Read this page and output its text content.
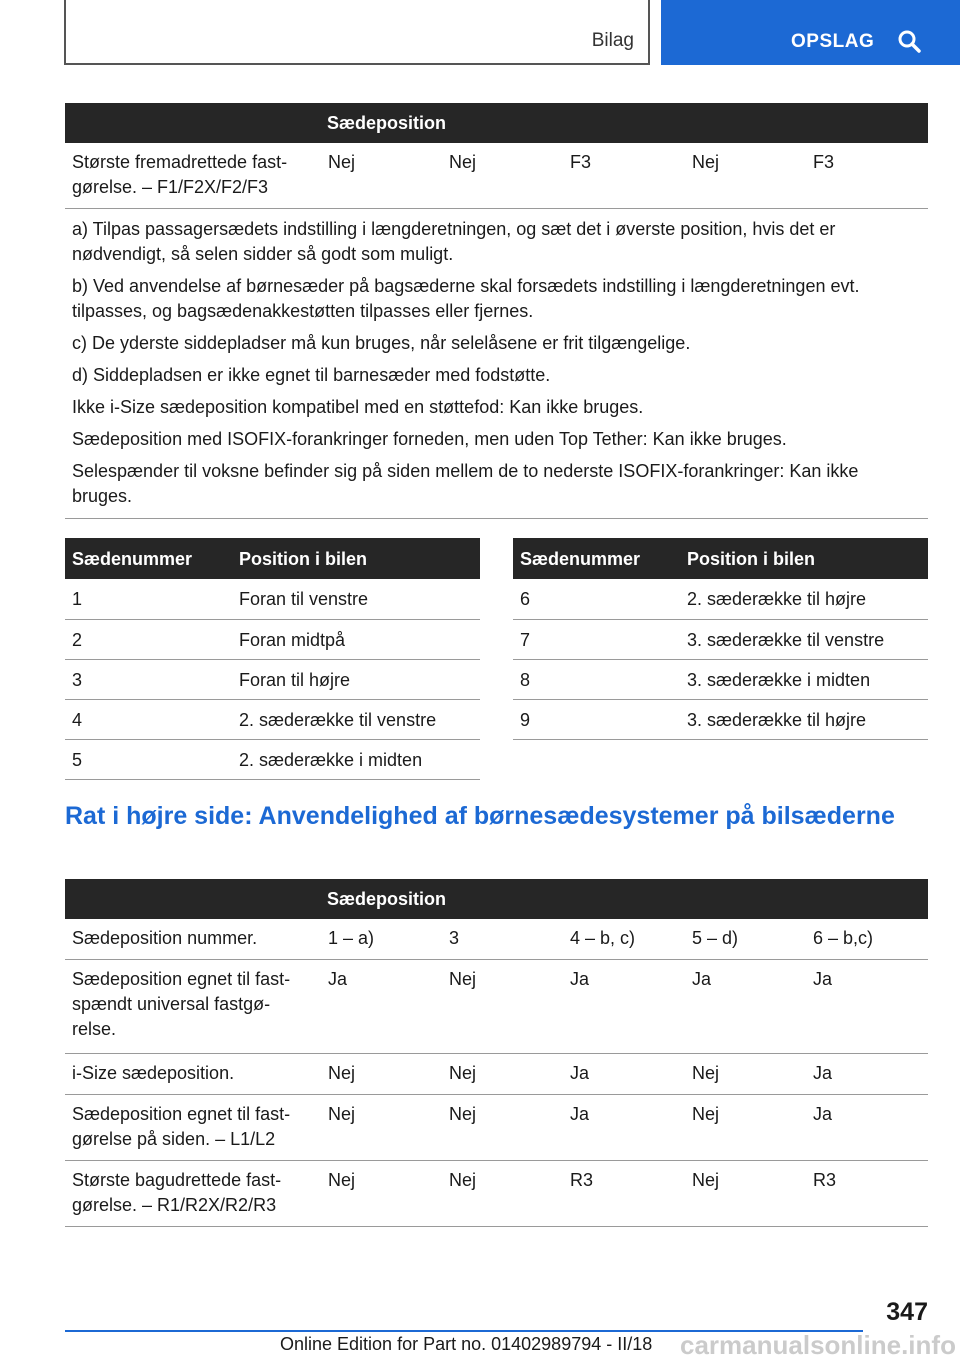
Bilag	OPSLAG
Sædeposition
Største fremadrettede fast-gørelse. – F1/F2X/F2/F3	Nej	Nej	F3	Nej	F3

a) Tilpas passagersædets indstilling i længderetningen, og sæt det i øverste position, hvis det er nødvendigt, så selen sidder så godt som muligt.

b) Ved anvendelse af børnesæder på bagsæderne skal forsædets indstilling i længderetningen evt. tilpasses, og bagsædenakkestøtten tilpasses eller fjernes.

c) De yderste siddepladser må kun bruges, når selelåsene er frit tilgængelige.

d) Siddepladsen er ikke egnet til barnesæder med fodstøtte.

Ikke i-Size sædeposition kompatibel med en støttefod: Kan ikke bruges.

Sædeposition med ISOFIX-forankringer forneden, men uden Top Tether: Kan ikke bruges.

Selespænder til voksne befinder sig på siden mellem de to nederste ISOFIX-forankringer: Kan ikke bruges.

Sædenummer	Position i bilen
1	Foran til venstre
2	Foran midtpå
3	Foran til højre
4	2. sæderække til venstre
5	2. sæderække i midten
Sædenummer	Position i bilen
6	2. sæderække til højre
7	3. sæderække til venstre
8	3. sæderække i midten
9	3. sæderække til højre
Rat i højre side: Anvendelighed af børnesædesystemer på bilsæderne
Sædeposition					
Sædeposition nummer.	1 – a)	3	4 – b, c)	5 – d)	6 – b,c)
Sædeposition egnet til fast-spændt universal fastgø-relse.	Ja	Nej	Ja	Ja	Ja
i-Size sædeposition.	Nej	Nej	Ja	Nej	Ja
Sædeposition egnet til fast-gørelse på siden. – L1/L2	Nej	Nej	Ja	Nej	Ja
Største bagudrettede fast-gørelse. – R1/R2X/R2/R3	Nej	Nej	R3	Nej	R3
347
Online Edition for Part no. 01402989794 - II/18 carmanualsonline.info
